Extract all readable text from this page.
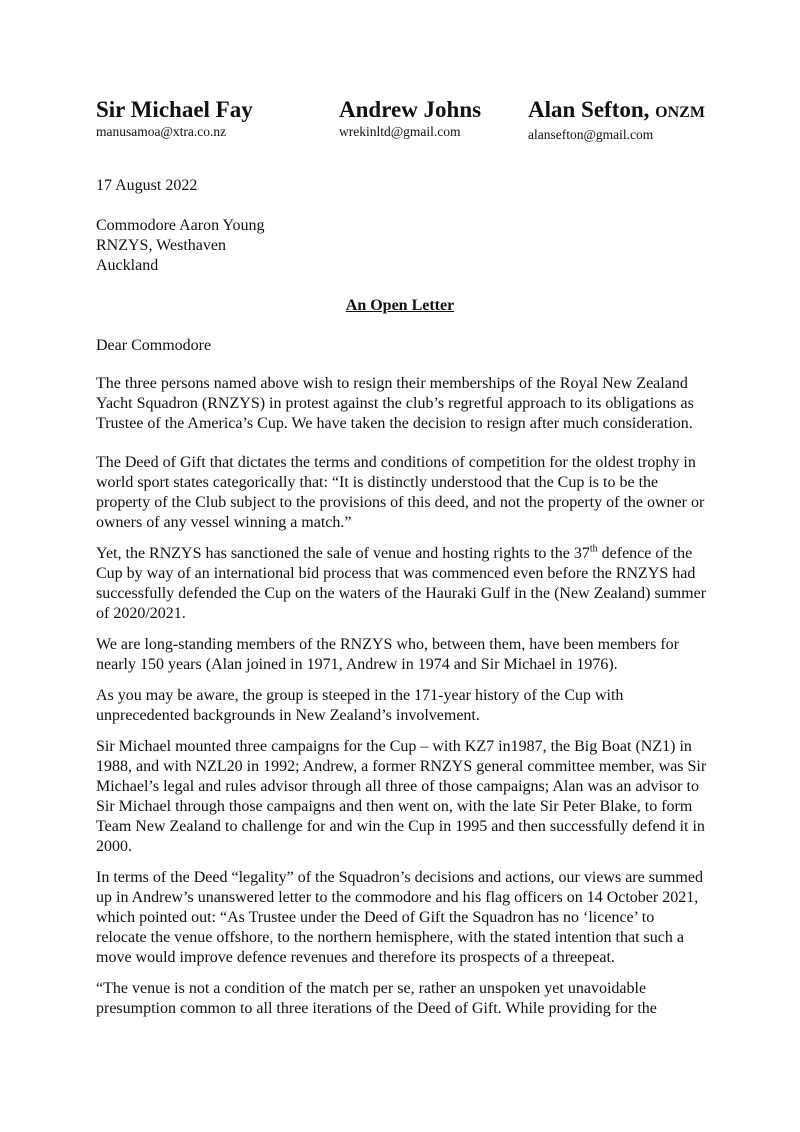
Sir Michael Fay
manusamoa@xtra.co.nz
Andrew Johns
wrekinltd@gmail.com
Alan Sefton, ONZM
alansefton@gmail.com
17 August 2022
Commodore Aaron Young
RNZYS, Westhaven
Auckland
An Open Letter
Dear Commodore

The three persons named above wish to resign their memberships of the Royal New Zealand Yacht Squadron (RNZYS) in protest against the club’s regretful approach to its obligations as Trustee of the America’s Cup. We have taken the decision to resign after much consideration.

The Deed of Gift that dictates the terms and conditions of competition for the oldest trophy in world sport states categorically that: “It is distinctly understood that the Cup is to be the property of the Club subject to the provisions of this deed, and not the property of the owner or owners of any vessel winning a match.”

Yet, the RNZYS has sanctioned the sale of venue and hosting rights to the 37th defence of the Cup by way of an international bid process that was commenced even before the RNZYS had successfully defended the Cup on the waters of the Hauraki Gulf in the (New Zealand) summer of 2020/2021.

We are long-standing members of the RNZYS who, between them, have been members for nearly 150 years (Alan joined in 1971, Andrew in 1974 and Sir Michael in 1976).

As you may be aware, the group is steeped in the 171-year history of the Cup with unprecedented backgrounds in New Zealand’s involvement.

Sir Michael mounted three campaigns for the Cup – with KZ7 in1987, the Big Boat (NZ1) in 1988, and with NZL20 in 1992; Andrew, a former RNZYS general committee member, was Sir Michael’s legal and rules advisor through all three of those campaigns; Alan was an advisor to Sir Michael through those campaigns and then went on, with the late Sir Peter Blake, to form Team New Zealand to challenge for and win the Cup in 1995 and then successfully defend it in 2000.

In terms of the Deed “legality” of the Squadron’s decisions and actions, our views are summed up in Andrew’s unanswered letter to the commodore and his flag officers on 14 October 2021, which pointed out: “As Trustee under the Deed of Gift the Squadron has no ‘licence’ to relocate the venue offshore, to the northern hemisphere, with the stated intention that such a move would improve defence revenues and therefore its prospects of a threepeat.

“The venue is not a condition of the match per se, rather an unspoken yet unavoidable presumption common to all three iterations of the Deed of Gift. While providing for the
